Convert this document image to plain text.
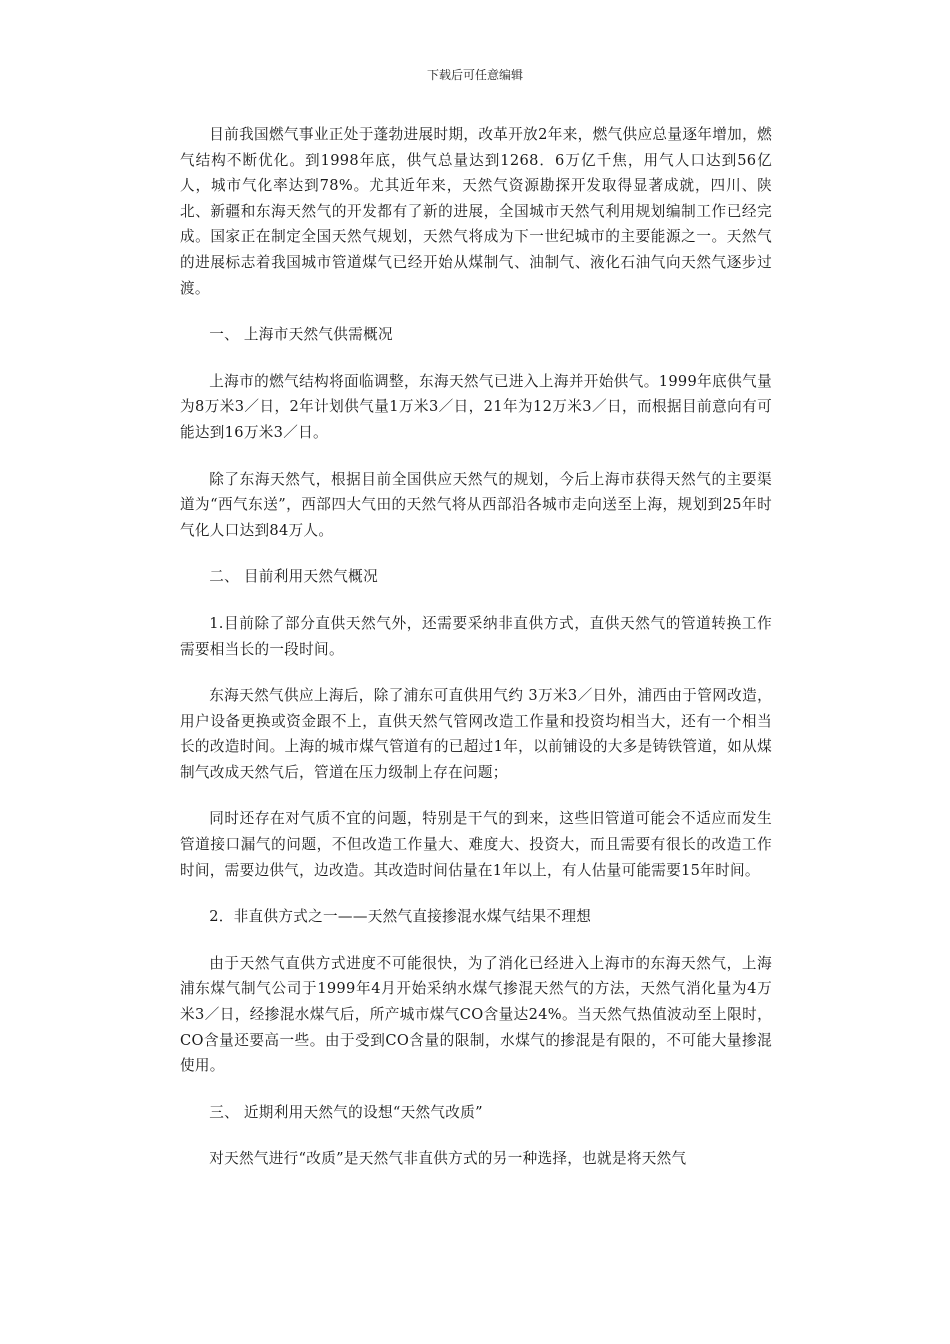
下载后可任意编辑

目前我国燃气事业正处于蓬勃进展时期，改革开放2年来，燃气供应总量逐年增加，燃气结构不断优化。到1998年底，供气总量达到1268．6万亿千焦，用气人口达到56亿人，城市气化率达到78%。尤其近年来，天然气资源勘探开发取得显著成就，四川、陕北、新疆和东海天然气的开发都有了新的进展，全国城市天然气利用规划编制工作已经完成。国家正在制定全国天然气规划，天然气将成为下一世纪城市的主要能源之一。天然气的进展标志着我国城市管道煤气已经开始从煤制气、油制气、液化石油气向天然气逐步过渡。

一、 上海市天然气供需概况

上海市的燃气结构将面临调整，东海天然气已进入上海并开始供气。1999年底供气量为8万米3／日，2年计划供气量1万米3／日，21年为12万米3／日，而根据目前意向有可能达到16万米3／日。

除了东海天然气，根据目前全国供应天然气的规划，今后上海市获得天然气的主要渠道为“西气东送”，西部四大气田的天然气将从西部沿各城市走向送至上海，规划到25年时气化人口达到84万人。

二、 目前利用天然气概况

1.目前除了部分直供天然气外，还需要采纳非直供方式，直供天然气的管道转换工作需要相当长的一段时间。

东海天然气供应上海后，除了浦东可直供用气约 3万米3／日外，浦西由于管网改造，用户设备更换或资金跟不上，直供天然气管网改造工作量和投资均相当大，还有一个相当长的改造时间。上海的城市煤气管道有的已超过1年，以前铺设的大多是铸铁管道，如从煤制气改成天然气后，管道在压力级制上存在问题；

同时还存在对气质不宜的问题，特别是干气的到来，这些旧管道可能会不适应而发生管道接口漏气的问题，不但改造工作量大、难度大、投资大，而且需要有很长的改造工作时间，需要边供气，边改造。其改造时间估量在1年以上，有人估量可能需要15年时间。

2．非直供方式之一——天然气直接掺混水煤气结果不理想

由于天然气直供方式进度不可能很快，为了消化已经进入上海市的东海天然气，上海浦东煤气制气公司于1999年4月开始采纳水煤气掺混天然气的方法，天然气消化量为4万米3／日，经掺混水煤气后，所产城市煤气CO含量达24%。当天然气热值波动至上限时，CO含量还要高一些。由于受到CO含量的限制，水煤气的掺混是有限的，不可能大量掺混使用。

三、 近期利用天然气的设想“天然气改质”

对天然气进行“改质”是天然气非直供方式的另一种选择，也就是将天然气
